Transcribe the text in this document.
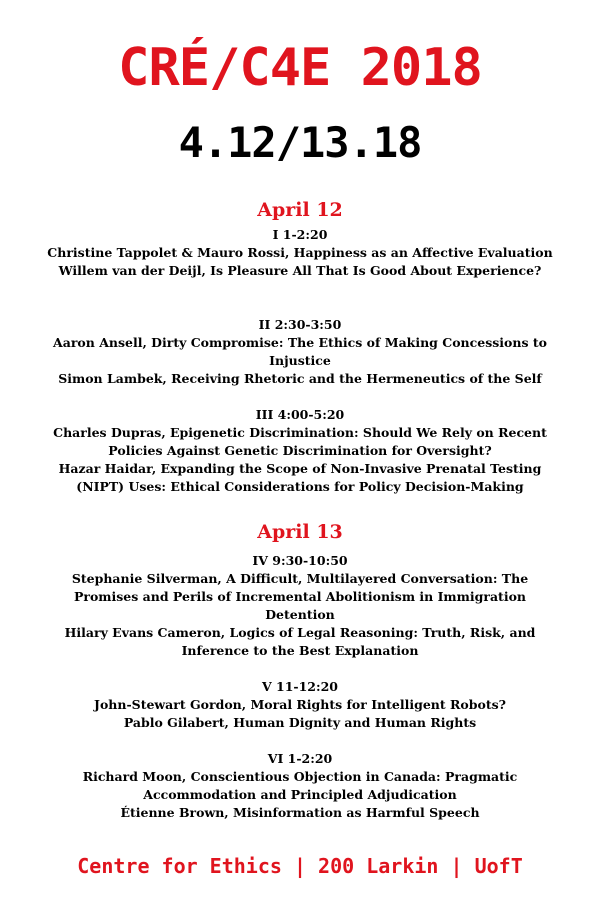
CRÉ/C4E 2018
4.12/13.18
April 12

I 1-2:20

Christine Tappolet & Mauro Rossi, Happiness as an Affective Evaluation

Willem van der Deijl, Is Pleasure All That Is Good About Experience?

II 2:30-3:50

Aaron Ansell, Dirty Compromise: The Ethics of Making Concessions to Injustice

Simon Lambek, Receiving Rhetoric and the Hermeneutics of the Self

III 4:00-5:20

Charles Dupras, Epigenetic Discrimination: Should We Rely on Recent Policies Against Genetic Discrimination for Oversight?

Hazar Haidar, Expanding the Scope of Non-Invasive Prenatal Testing (NIPT) Uses: Ethical Considerations for Policy Decision-Making

April 13

IV 9:30-10:50

Stephanie Silverman, A Difficult, Multilayered Conversation: The Promises and Perils of Incremental Abolitionism in Immigration Detention

Hilary Evans Cameron, Logics of Legal Reasoning: Truth, Risk, and Inference to the Best Explanation

V 11-12:20

John-Stewart Gordon, Moral Rights for Intelligent Robots?

Pablo Gilabert, Human Dignity and Human Rights

VI 1-2:20

Richard Moon, Conscientious Objection in Canada: Pragmatic Accommodation and Principled Adjudication

Étienne Brown, Misinformation as Harmful Speech

Centre for Ethics | 200 Larkin | UofT
